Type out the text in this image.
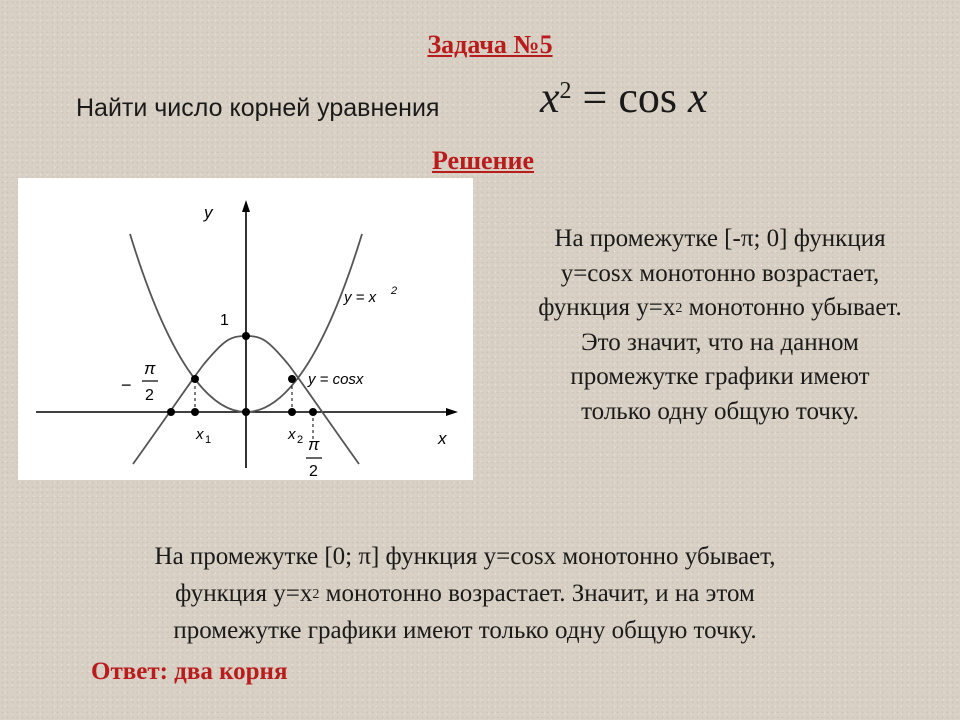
Задача №5
Найти число корней уравнения $x^2 = \cos x$
Решение
y
x
1
−
π
2
x 1	x 2 π
2
y = x 2
y = cosx

На промежутке [-π; 0] функция

у=cosx монотонно возрастает,

функция $у=х^2$ монотонно убывает.

Это значит, что на данном

промежутке графики имеют

только одну общую точку.

На промежутке [0; π] функция у=cosx монотонно убывает,

функция $у=х^2$ монотонно возрастает. Значит, и на этом

промежутке графики имеют только одну общую точку.

Ответ: два корня
